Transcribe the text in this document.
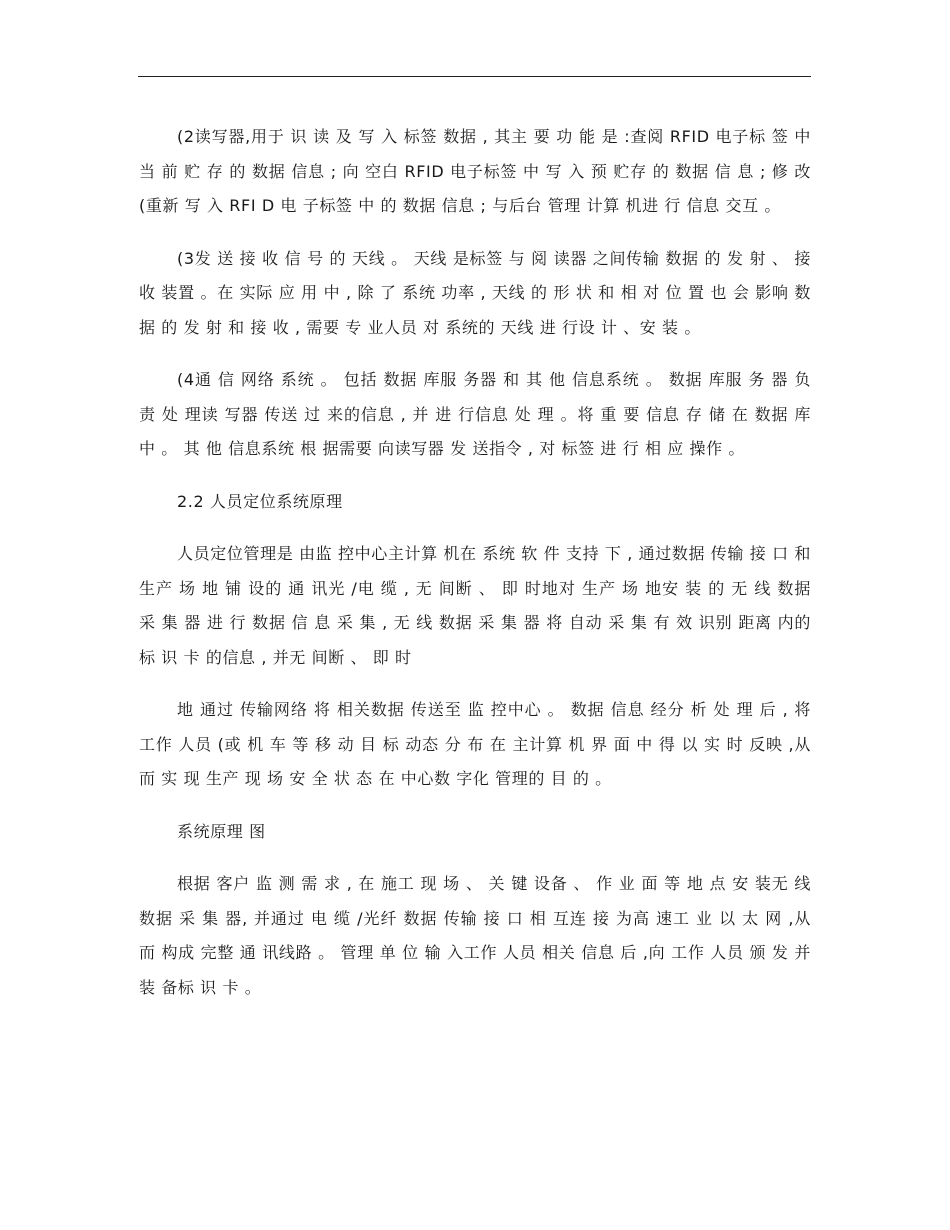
(2读写器,用于 识 读 及 写 入 标签 数据 , 其主 要 功 能 是 :查阅 RFID 电子标 签 中当 前 贮 存 的 数据 信息 ; 向 空白 RFID 电子标签 中 写 入 预 贮存 的 数据 信 息 ; 修 改 (重新 写 入 RFI D 电 子标签 中 的 数据 信息 ; 与后台 管理 计算 机进 行 信息 交互 。

(3发 送 接 收 信 号 的 天线 。 天线 是标签 与 阅 读器 之间传输 数据 的 发 射 、 接 收 装置 。在 实际 应 用 中 , 除 了 系统 功率 , 天线 的 形 状 和 相 对 位 置 也 会 影响 数据 的 发 射 和 接 收 , 需要 专 业人员 对 系统的 天线 进 行设 计 、安 装 。

(4通 信 网络 系统 。 包括 数据 库服 务器 和 其 他 信息系统 。 数据 库服 务 器 负责 处 理读 写器 传送 过 来的信息 , 并 进 行信息 处 理 。将 重 要 信息 存 储 在 数据 库 中 。 其 他 信息系统 根 据需要 向读写器 发 送指令 , 对 标签 进 行 相 应 操作 。

2.2 人员定位系统原理

人员定位管理是 由监 控中心主计算 机在 系统 软 件 支持 下 , 通过数据 传输 接 口 和 生产 场 地 铺 设的 通 讯光 /电 缆 , 无 间断 、 即 时地对 生产 场 地安 装 的 无 线 数据 采 集 器 进 行 数据 信 息 采 集 , 无 线 数据 采 集 器 将 自动 采 集 有 效 识别 距离 内的标 识 卡 的信息 , 并无 间断 、 即 时

地 通过 传输网络 将 相关数据 传送至 监 控中心 。 数据 信息 经分 析 处 理 后 , 将 工作 人员 (或 机 车 等 移 动 目 标 动态 分 布 在 主计算 机 界 面 中 得 以 实 时 反映 ,从 而 实 现 生产 现 场 安 全 状 态 在 中心数 字化 管理的 目 的 。

系统原理 图

根据 客户 监 测 需 求 , 在 施工 现 场 、 关 键 设备 、 作 业 面 等 地 点 安 装无 线 数据 采 集 器, 并通过 电 缆 /光纤 数据 传输 接 口 相 互连 接 为高 速工 业 以 太 网 ,从 而 构成 完整 通 讯线路 。 管理 单 位 输 入工作 人员 相关 信息 后 ,向 工作 人员 颁 发 并装 备标 识 卡 。
